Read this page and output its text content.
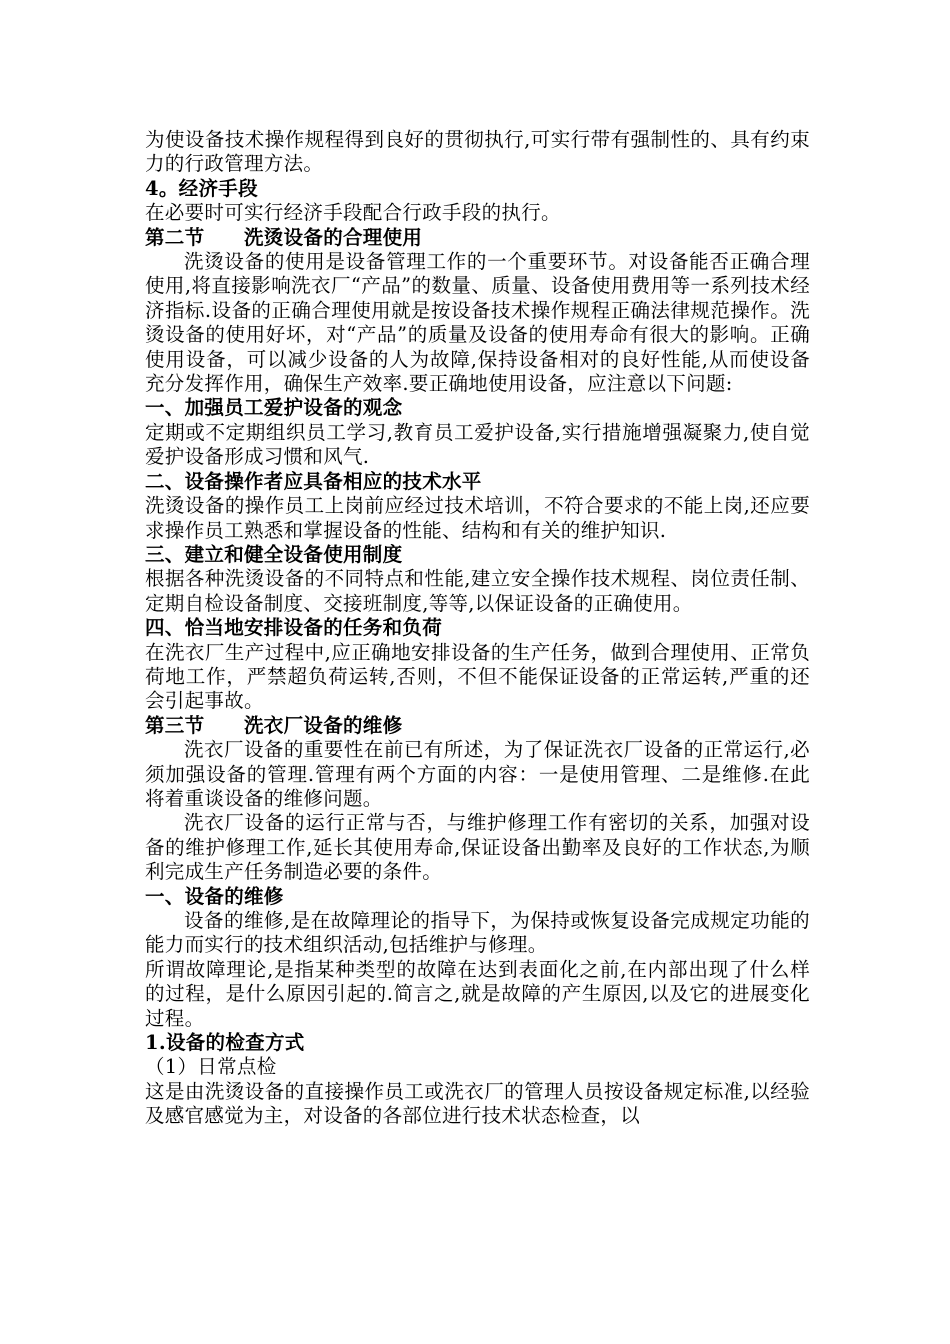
为使设备技术操作规程得到良好的贯彻执行,可实行带有强制性的、具有约束力的行政管理方法。

4。经济手段

在必要时可实行经济手段配合行政手段的执行。

第二节　　洗烫设备的合理使用

洗烫设备的使用是设备管理工作的一个重要环节。对设备能否正确合理使用,将直接影响洗衣厂“产品”的数量、质量、设备使用费用等一系列技术经济指标.设备的正确合理使用就是按设备技术操作规程正确法律规范操作。洗烫设备的使用好坏，对“产品”的质量及设备的使用寿命有很大的影响。正确使用设备，可以减少设备的人为故障,保持设备相对的良好性能,从而使设备充分发挥作用，确保生产效率.要正确地使用设备，应注意以下问题:

一、加强员工爱护设备的观念

定期或不定期组织员工学习,教育员工爱护设备,实行措施增强凝聚力,使自觉爱护设备形成习惯和风气.

二、设备操作者应具备相应的技术水平

洗烫设备的操作员工上岗前应经过技术培训，不符合要求的不能上岗,还应要求操作员工熟悉和掌握设备的性能、结构和有关的维护知识.

三、建立和健全设备使用制度

根据各种洗烫设备的不同特点和性能,建立安全操作技术规程、岗位责任制、定期自检设备制度、交接班制度,等等,以保证设备的正确使用。

四、恰当地安排设备的任务和负荷

在洗衣厂生产过程中,应正确地安排设备的生产任务，做到合理使用、正常负荷地工作，严禁超负荷运转,否则，不但不能保证设备的正常运转,严重的还会引起事故。

第三节　　洗衣厂设备的维修

洗衣厂设备的重要性在前已有所述，为了保证洗衣厂设备的正常运行,必须加强设备的管理.管理有两个方面的内容：一是使用管理、二是维修.在此将着重谈设备的维修问题。

洗衣厂设备的运行正常与否，与维护修理工作有密切的关系，加强对设备的维护修理工作,延长其使用寿命,保证设备出勤率及良好的工作状态,为顺利完成生产任务制造必要的条件。

一、设备的维修

设备的维修,是在故障理论的指导下，为保持或恢复设备完成规定功能的能力而实行的技术组织活动,包括维护与修理。

所谓故障理论,是指某种类型的故障在达到表面化之前,在内部出现了什么样的过程，是什么原因引起的.简言之,就是故障的产生原因,以及它的进展变化过程。

1.设备的检查方式

（1）日常点检

这是由洗烫设备的直接操作员工或洗衣厂的管理人员按设备规定标准,以经验及感官感觉为主，对设备的各部位进行技术状态检查，以
